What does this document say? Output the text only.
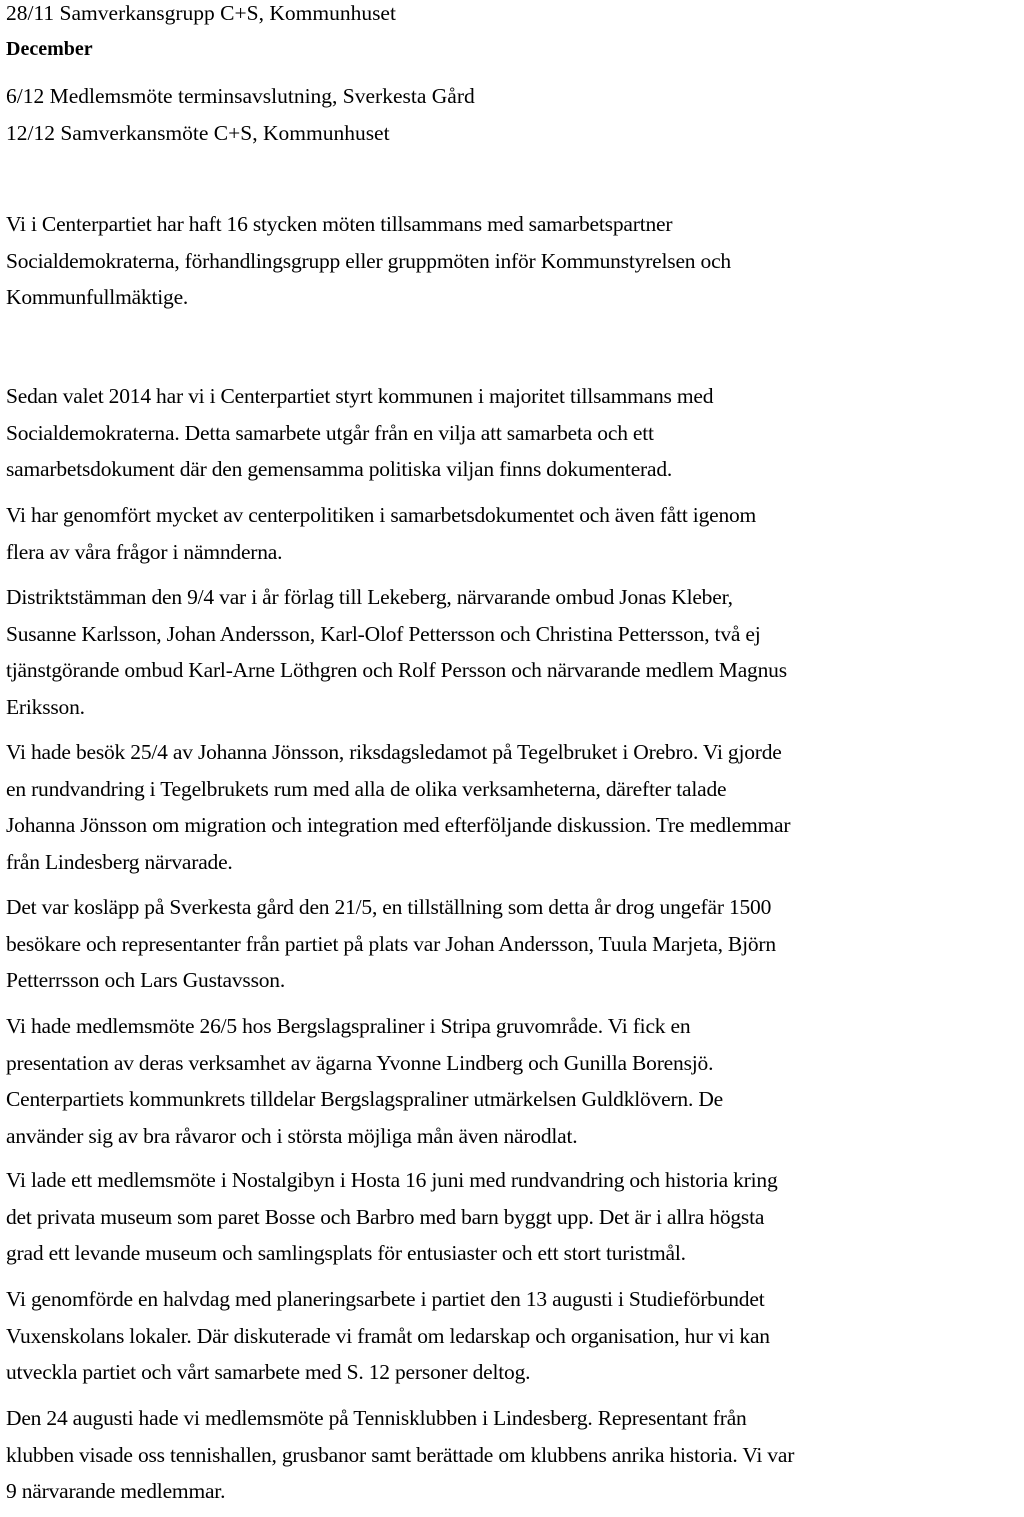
28/11 Samverkansgrupp C+S, Kommunhuset
December
6/12 Medlemsmöte terminsavslutning, Sverkesta Gård
12/12 Samverkansmöte C+S, Kommunhuset
Vi i Centerpartiet har haft 16 stycken möten tillsammans med samarbetspartner
Socialdemokraterna, förhandlingsgrupp eller gruppmöten inför Kommunstyrelsen och
Kommunfullmäktige.
Sedan valet 2014 har vi i Centerpartiet styrt kommunen i majoritet tillsammans med
Socialdemokraterna. Detta samarbete utgår från en vilja att samarbeta och ett
samarbetsdokument där den gemensamma politiska viljan finns dokumenterad.
Vi har genomfört mycket av centerpolitiken i samarbetsdokumentet och även fått igenom
flera av våra frågor i nämnderna.
Distriktstämman den 9/4 var i år förlag till Lekeberg, närvarande ombud Jonas Kleber,
Susanne Karlsson, Johan Andersson, Karl-Olof Pettersson och Christina Pettersson, två ej
tjänstgörande ombud Karl-Arne Löthgren och Rolf Persson och närvarande medlem Magnus
Eriksson.
Vi hade besök 25/4 av Johanna Jönsson, riksdagsledamot på Tegelbruket i Orebro. Vi gjorde
en rundvandring i Tegelbrukets rum med alla de olika verksamheterna, därefter talade
Johanna Jönsson om migration och integration med efterföljande diskussion. Tre medlemmar
från Lindesberg närvarade.
Det var kosläpp på Sverkesta gård den 21/5, en tillställning som detta år drog ungefär 1500
besökare och representanter från partiet på plats var Johan Andersson, Tuula Marjeta, Björn
Petterrsson och Lars Gustavsson.
Vi hade medlemsmöte 26/5 hos Bergslagspraliner i Stripa gruvområde. Vi fick en
presentation av deras verksamhet av ägarna Yvonne Lindberg och Gunilla Borensjö.
Centerpartiets kommunkrets tilldelar Bergslagspraliner utmärkelsen Guldklövern. De
använder sig av bra råvaror och i största möjliga mån även närodlat.
Vi lade ett medlemsmöte i Nostalgibyn i Hosta 16 juni med rundvandring och historia kring
det privata museum som paret Bosse och Barbro med barn byggt upp. Det är i allra högsta
grad ett levande museum och samlingsplats för entusiaster och ett stort turistmål.
Vi genomförde en halvdag med planeringsarbete i partiet den 13 augusti i Studieförbundet
Vuxenskolans lokaler. Där diskuterade vi framåt om ledarskap och organisation, hur vi kan
utveckla partiet och vårt samarbete med S. 12 personer deltog.
Den 24 augusti hade vi medlemsmöte på Tennisklubben i Lindesberg. Representant från
klubben visade oss tennishallen, grusbanor samt berättade om klubbens anrika historia. Vi var
9 närvarande medlemmar.
